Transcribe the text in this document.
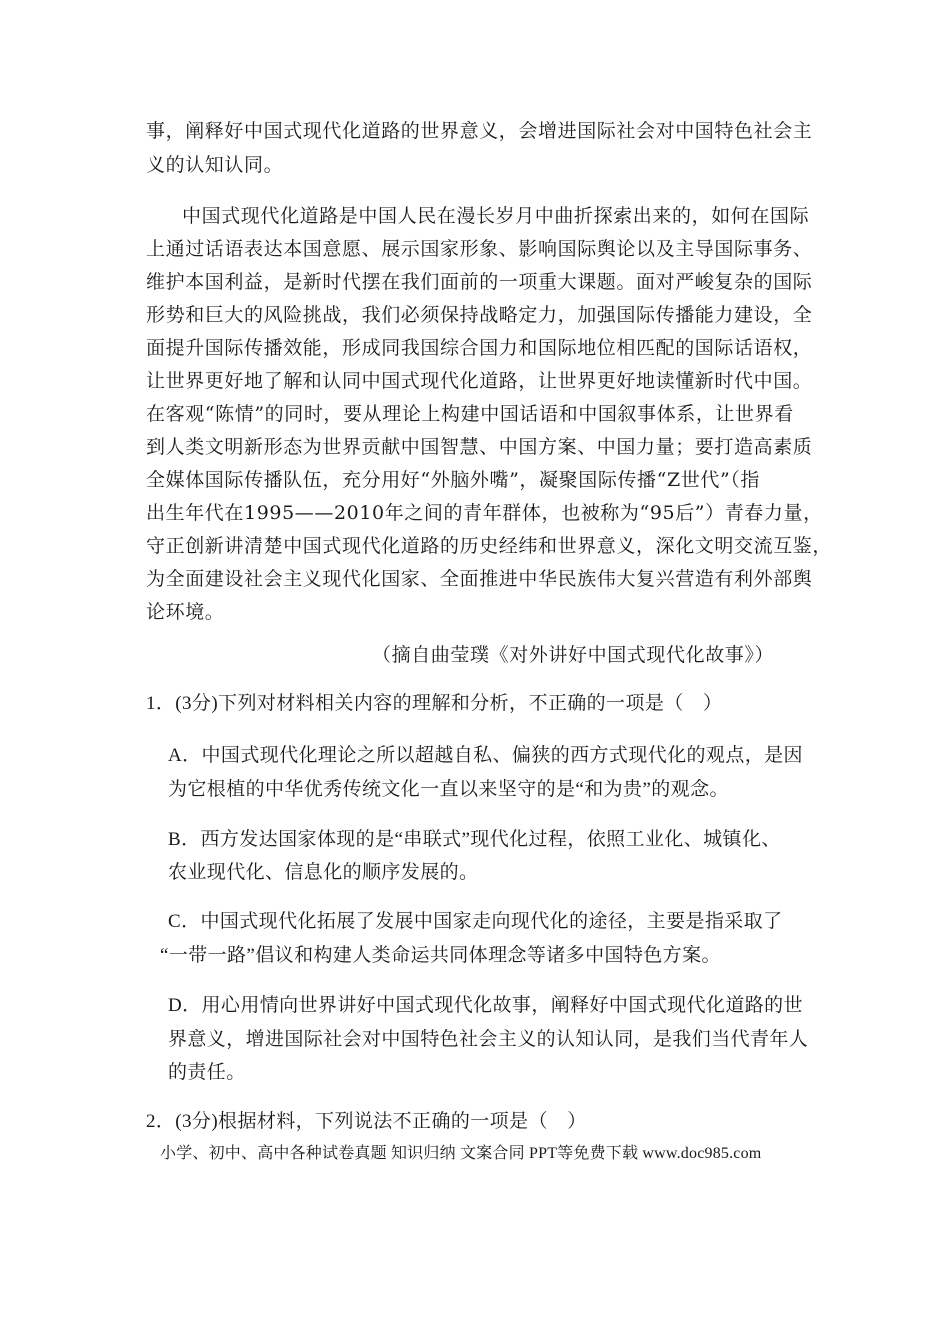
事，阐释好中国式现代化道路的世界意义，会增进国际社会对中国特色社会主
义的认知认同。
中国式现代化道路是中国人民在漫长岁月中曲折探索出来的，如何在国际
上通过话语表达本国意愿、展示国家形象、影响国际舆论以及主导国际事务、
维护本国利益，是新时代摆在我们面前的一项重大课题。面对严峻复杂的国际
形势和巨大的风险挑战，我们必须保持战略定力，加强国际传播能力建设，全
面提升国际传播效能，形成同我国综合国力和国际地位相匹配的国际话语权，
让世界更好地了解和认同中国式现代化道路，让世界更好地读懂新时代中国。
在客观“陈情”的同时，要从理论上构建中国话语和中国叙事体系，让世界看
到人类文明新形态为世界贡献中国智慧、中国方案、中国力量；要打造高素质
全媒体国际传播队伍，充分用好“外脑外嘴”，凝聚国际传播“Z世代”（指
出生年代在1995——2010年之间的青年群体，也被称为“95后”）青春力量，
守正创新讲清楚中国式现代化道路的历史经纬和世界意义，深化文明交流互鉴，
为全面建设社会主义现代化国家、全面推进中华民族伟大复兴营造有利外部舆
论环境。
（摘自曲莹璞《对外讲好中国式现代化故事》）
1．(3分)下列对材料相关内容的理解和分析，不正确的一项是（　）
A．中国式现代化理论之所以超越自私、偏狭的西方式现代化的观点，是因
为它根植的中华优秀传统文化一直以来坚守的是“和为贵”的观念。
B．西方发达国家体现的是“串联式”现代化过程，依照工业化、城镇化、
农业现代化、信息化的顺序发展的。
C．中国式现代化拓展了发展中国家走向现代化的途径，主要是指采取了
“一带一路”倡议和构建人类命运共同体理念等诸多中国特色方案。
D．用心用情向世界讲好中国式现代化故事，阐释好中国式现代化道路的世
界意义，增进国际社会对中国特色社会主义的认知认同，是我们当代青年人
的责任。
2．(3分)根据材料，下列说法不正确的一项是（　）
小学、初中、高中各种试卷真题 知识归纳 文案合同 PPT等免费下载 www.doc985.com
